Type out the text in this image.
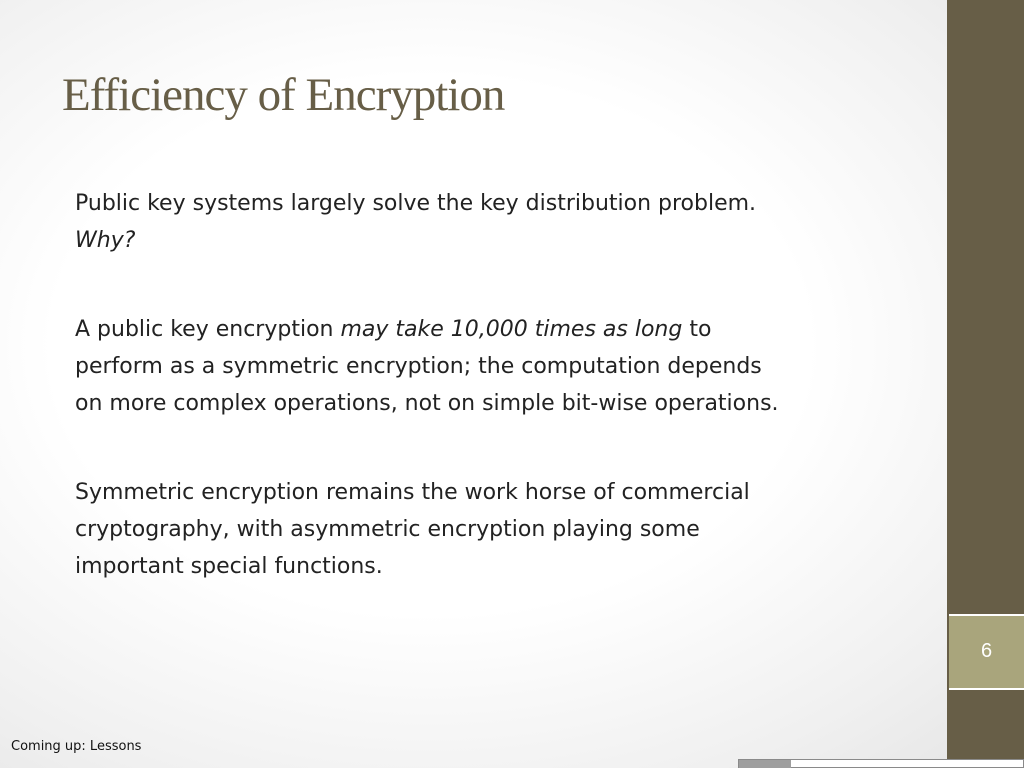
6
Efficiency of Encryption

Public key systems largely solve the key distribution problem.

Why?

A public key encryption may take 10,000 times as long to

perform as a symmetric encryption; the computation depends

on more complex operations, not on simple bit-wise operations.

Symmetric encryption remains the work horse of commercial

cryptography, with asymmetric encryption playing some

important special functions.

Coming up: Lessons
